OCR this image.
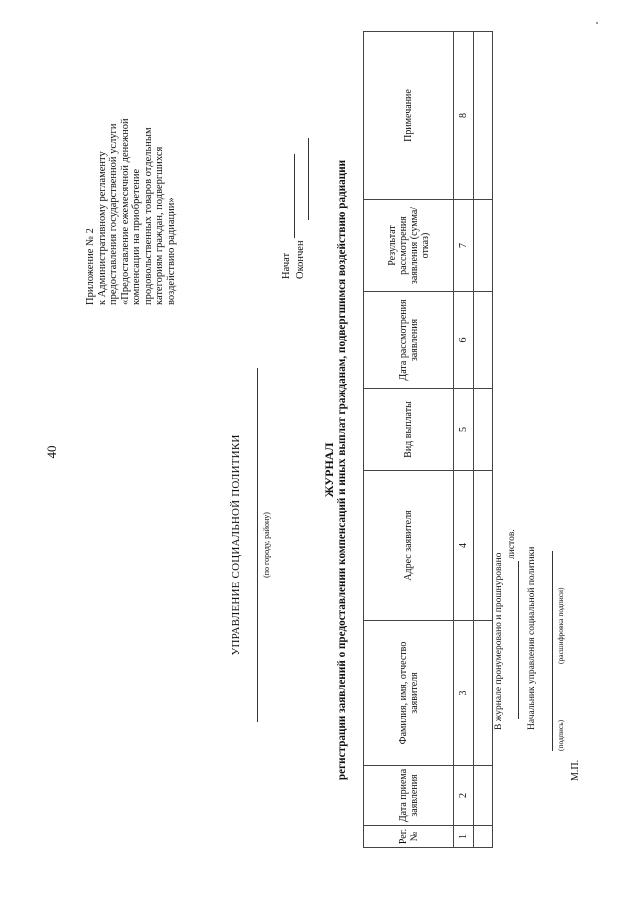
40
Приложение № 2 к Административному регламенту предоставления государственной услуги «Предоставление ежемесячной денежной компенсации на приобретение продовольственных товаров отдельным категориям граждан, подвергшихся воздействию радиации»
УПРАВЛЕНИЕ СОЦИАЛЬНОЙ ПОЛИТИКИ	(по городу, району)
Начат Окончен
ЖУРНАЛ регистрации заявлений о предоставлении компенсаций и иных выплат гражданам, подвергшимся воздействию радиации
Рег. №	Дата приема заявления	Фамилия, имя, отчество заявителя	Адрес заявителя	Вид выплаты	Дата рассмотрения заявления	Результат рассмотрения заявления (сумма/отказ)	Примечание
1	2	3	4	5	6	7	8

В журнале пронумеровано и прошнуровано
листов.
Начальник управления социальной политики
(подпись)
(расшифровка подписи)
М.П.
